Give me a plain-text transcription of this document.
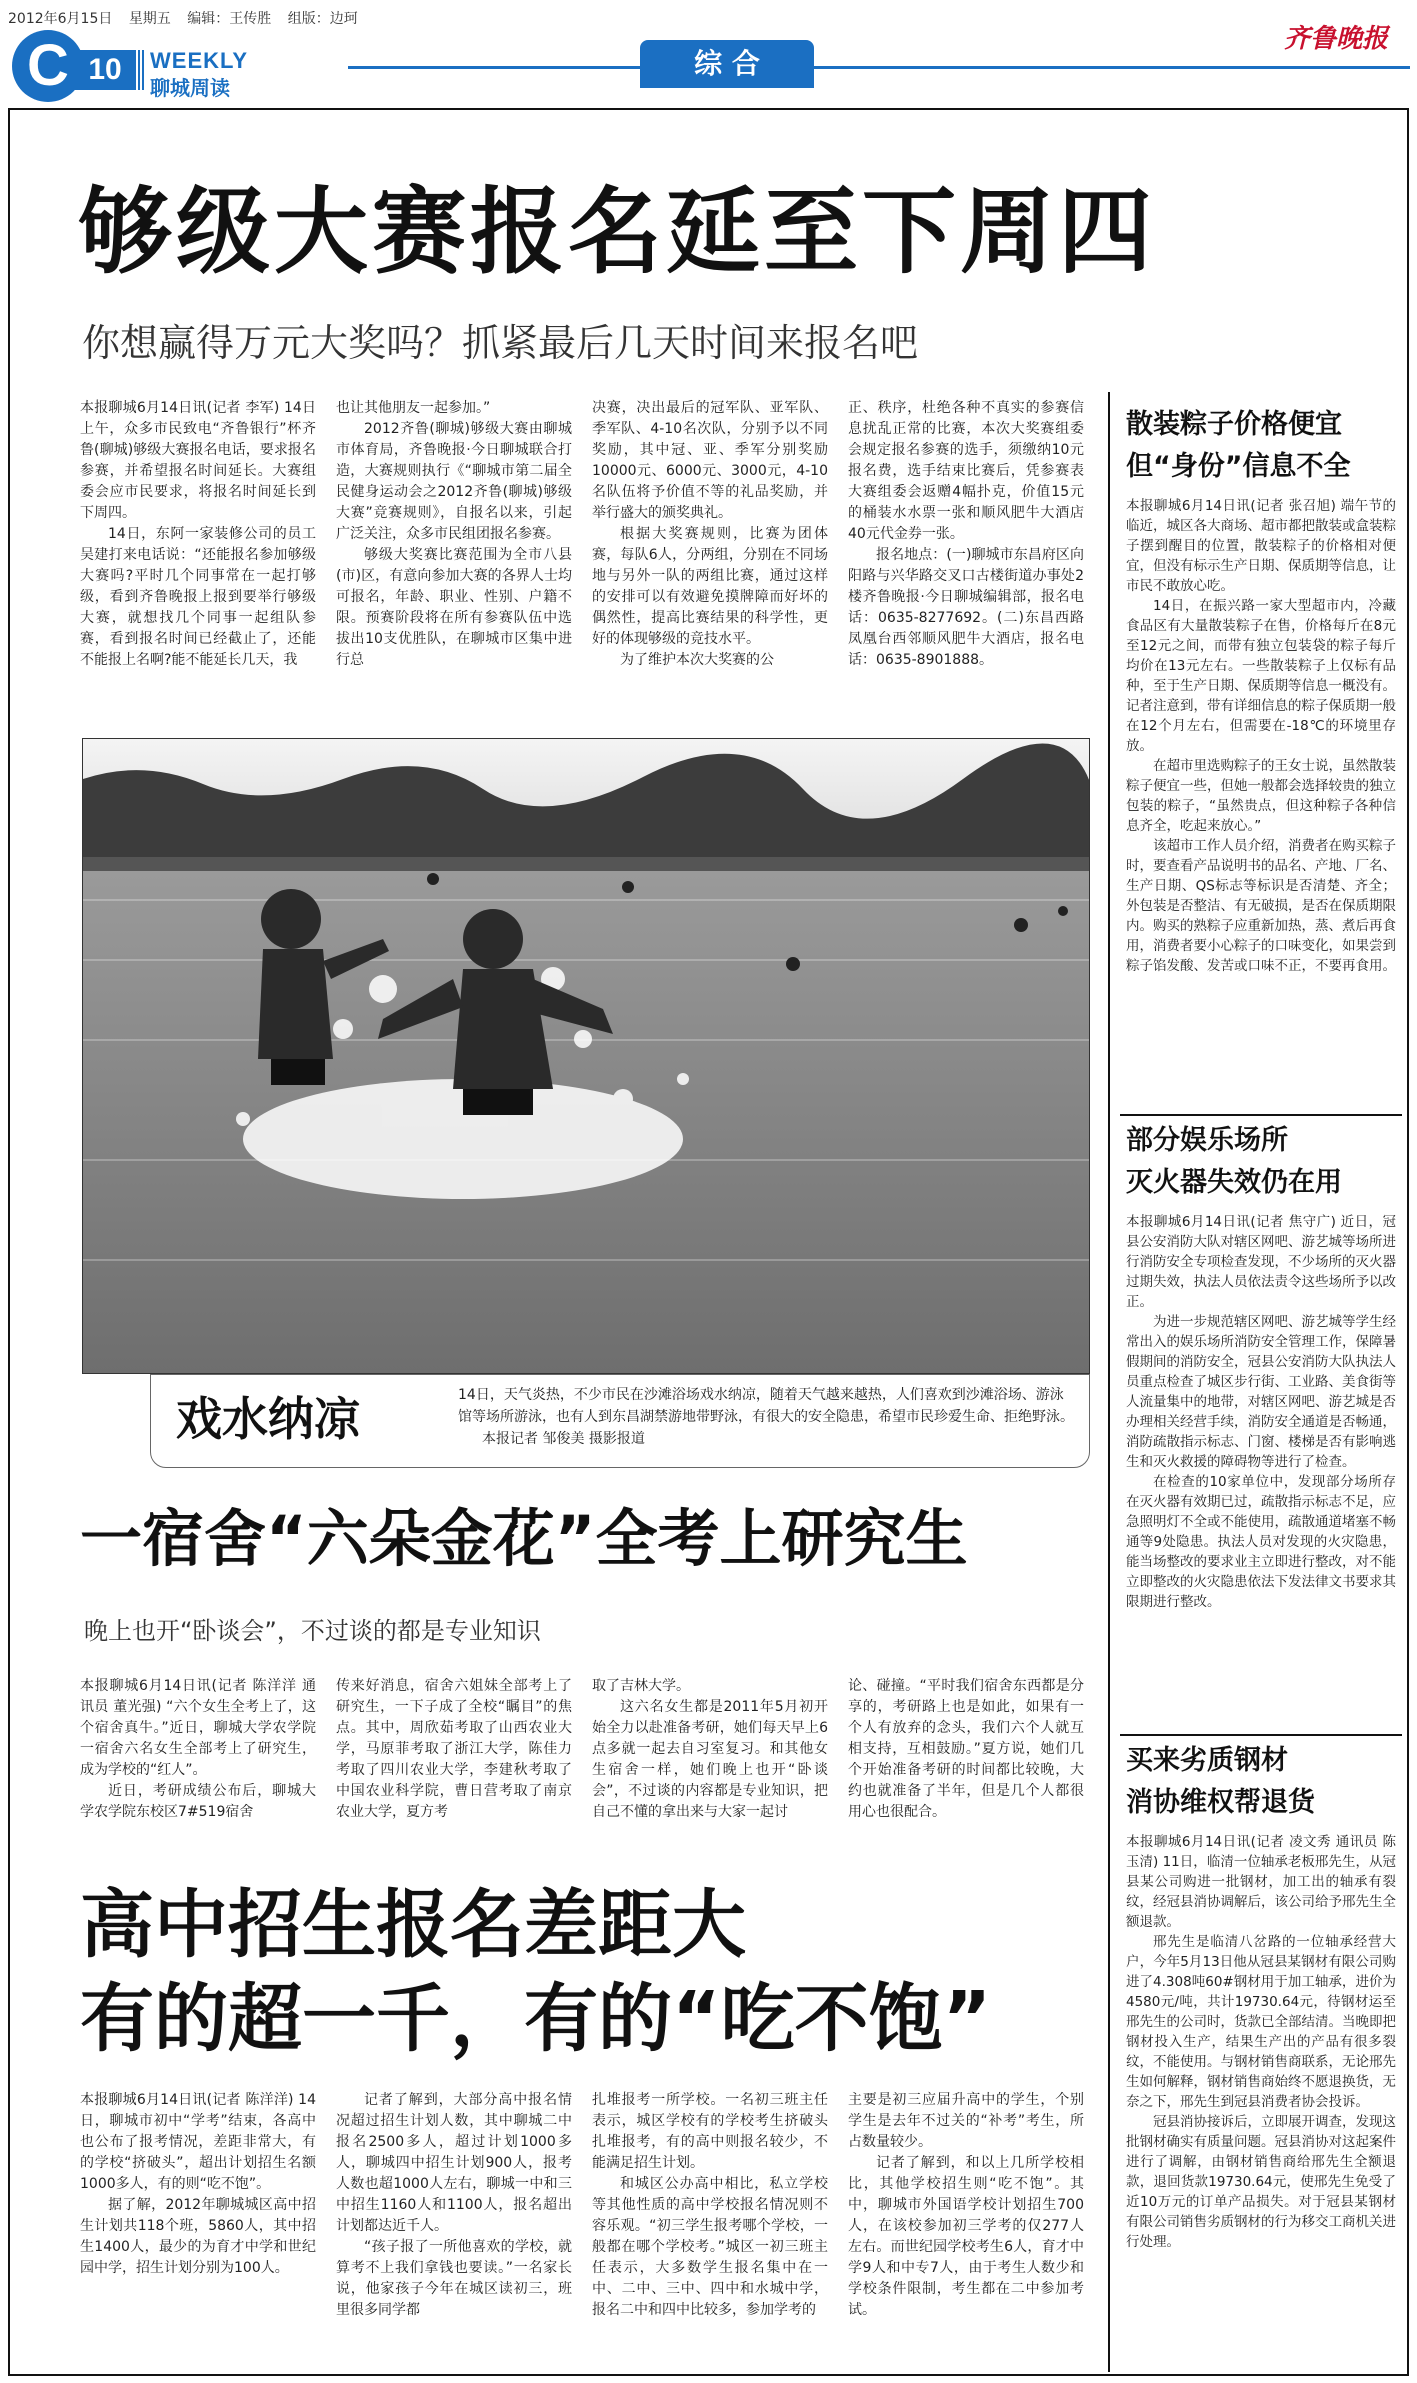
2012年6月15日 星期五 编辑：王传胜 组版：边珂
C 10	WEEKLY
聊城周读
综 合
齐鲁晚报
够级大赛报名延至下周四
你想赢得万元大奖吗？抓紧最后几天时间来报名吧

本报聊城6月14日讯(记者 李军) 14日上午，众多市民致电“齐鲁银行”杯齐鲁(聊城)够级大赛报名电话，要求报名参赛，并希望报名时间延长。大赛组委会应市民要求，将报名时间延长到下周四。

14日，东阿一家装修公司的员工吴建打来电话说：“还能报名参加够级大赛吗?平时几个同事常在一起打够级，看到齐鲁晚报上报到要举行够级大赛，就想找几个同事一起组队参赛，看到报名时间已经截止了，还能不能报上名啊?能不能延长几天，我

也让其他朋友一起参加。”

2012齐鲁(聊城)够级大赛由聊城市体育局，齐鲁晚报·今日聊城联合打造，大赛规则执行《“聊城市第二届全民健身运动会之2012齐鲁(聊城)够级大赛”竞赛规则》，自报名以来，引起广泛关注，众多市民组团报名参赛。

够级大奖赛比赛范围为全市八县(市)区，有意向参加大赛的各界人士均可报名，年龄、职业、性别、户籍不限。预赛阶段将在所有参赛队伍中选拔出10支优胜队，在聊城市区集中进行总

决赛，决出最后的冠军队、亚军队、季军队、4-10名次队，分别予以不同奖励，其中冠、亚、季军分别奖励10000元、6000元、3000元，4-10名队伍将予价值不等的礼品奖励，并举行盛大的颁奖典礼。

根据大奖赛规则，比赛为团体赛，每队6人，分两组，分别在不同场地与另外一队的两组比赛，通过这样的安排可以有效避免摸牌障而好坏的偶然性，提高比赛结果的科学性，更好的体现够级的竞技水平。

为了维护本次大奖赛的公

正、秩序，杜绝各种不真实的参赛信息扰乱正常的比赛，本次大奖赛组委会规定报名参赛的选手，须缴纳10元报名费，选手结束比赛后，凭参赛表大赛组委会返赠4幅扑克，价值15元的桶装水水票一张和顺风肥牛大酒店40元代金券一张。

报名地点：(一)聊城市东昌府区向阳路与兴华路交叉口古楼街道办事处2楼齐鲁晚报·今日聊城编辑部，报名电话：0635-8277692。(二)东昌西路凤凰台西邻顺风肥牛大酒店，报名电话：0635-8901888。

戏水纳凉	14日，天气炎热，不少市民在沙滩浴场戏水纳凉，随着天气越来越热，人们喜欢到沙滩浴场、游泳馆等场所游泳，也有人到东昌湖禁游地带野泳，有很大的安全隐患，希望市民珍爱生命、拒绝野泳。 本报记者 邹俊美 摄影报道
一宿舍“六朵金花”全考上研究生
晚上也开“卧谈会”，不过谈的都是专业知识

本报聊城6月14日讯(记者 陈洋洋 通讯员 董光强) “六个女生全考上了，这个宿舍真牛。”近日，聊城大学农学院一宿舍六名女生全部考上了研究生，成为学校的“红人”。

近日，考研成绩公布后，聊城大学农学院东校区7#519宿舍

传来好消息，宿舍六姐妹全部考上了研究生，一下子成了全校“瞩目”的焦点。其中，周欣茹考取了山西农业大学，马原菲考取了浙江大学，陈佳力考取了四川农业大学，李建秋考取了中国农业科学院，曹日营考取了南京农业大学，夏方考

取了吉林大学。

这六名女生都是2011年5月初开始全力以赴准备考研，她们每天早上6点多就一起去自习室复习。和其他女生宿舍一样，她们晚上也开“卧谈会”，不过谈的内容都是专业知识，把自己不懂的拿出来与大家一起讨

论、碰撞。“平时我们宿舍东西都是分享的，考研路上也是如此，如果有一个人有放弃的念头，我们六个人就互相支持，互相鼓励。”夏方说，她们几个开始准备考研的时间都比较晚，大约也就准备了半年，但是几个人都很用心也很配合。

高中招生报名差距大
有的超一千，有的“吃不饱”

本报聊城6月14日讯(记者 陈洋洋) 14日，聊城市初中“学考”结束，各高中也公布了报考情况，差距非常大，有的学校“挤破头”，超出计划招生名额1000多人，有的则“吃不饱”。

据了解，2012年聊城城区高中招生计划共118个班，5860人，其中招生1400人，最少的为育才中学和世纪园中学，招生计划分别为100人。

记者了解到，大部分高中报名情况超过招生计划人数，其中聊城二中报名2500多人，超过计划1000多人，聊城四中招生计划900人，报考人数也超1000人左右，聊城一中和三中招生1160人和1100人，报名超出计划都达近千人。

“孩子报了一所他喜欢的学校，就算考不上我们拿钱也要读。”一名家长说，他家孩子今年在城区读初三，班里很多同学都

扎堆报考一所学校。一名初三班主任表示，城区学校有的学校考生挤破头扎堆报考，有的高中则报名较少，不能满足招生计划。

和城区公办高中相比，私立学校等其他性质的高中学校报名情况则不容乐观。“初三学生报考哪个学校，一般都在哪个学校考。”城区一初三班主任表示，大多数学生报名集中在一中、二中、三中、四中和水城中学，报名二中和四中比较多，参加学考的

主要是初三应届升高中的学生，个别学生是去年不过关的“补考”考生，所占数量较少。

记者了解到，和以上几所学校相比，其他学校招生则“吃不饱”。其中，聊城市外国语学校计划招生700人，在该校参加初三学考的仅277人左右。而世纪园学校考生6人，育才中学9人和中专7人，由于考生人数少和学校条件限制，考生都在二中参加考试。

散装粽子价格便宜
但“身份”信息不全

本报聊城6月14日讯(记者 张召旭) 端午节的临近，城区各大商场、超市都把散装或盒装粽子摆到醒目的位置，散装粽子的价格相对便宜，但没有标示生产日期、保质期等信息，让市民不敢放心吃。

14日，在振兴路一家大型超市内，冷藏食品区有大量散装粽子在售，价格每斤在8元至12元之间，而带有独立包装袋的粽子每斤均价在13元左右。一些散装粽子上仅标有品种，至于生产日期、保质期等信息一概没有。记者注意到，带有详细信息的粽子保质期一般在12个月左右，但需要在-18℃的环境里存放。

在超市里选购粽子的王女士说，虽然散装粽子便宜一些，但她一般都会选择较贵的独立包装的粽子，“虽然贵点，但这种粽子各种信息齐全，吃起来放心。”

该超市工作人员介绍，消费者在购买粽子时，要查看产品说明书的品名、产地、厂名、生产日期、QS标志等标识是否清楚、齐全；外包装是否整洁、有无破损，是否在保质期限内。购买的熟粽子应重新加热，蒸、煮后再食用，消费者要小心粽子的口味变化，如果尝到粽子馅发酸、发苦或口味不正，不要再食用。

部分娱乐场所
灭火器失效仍在用

本报聊城6月14日讯(记者 焦守广) 近日，冠县公安消防大队对辖区网吧、游艺城等场所进行消防安全专项检查发现，不少场所的灭火器过期失效，执法人员依法责令这些场所予以改正。

为进一步规范辖区网吧、游艺城等学生经常出入的娱乐场所消防安全管理工作，保障暑假期间的消防安全，冠县公安消防大队执法人员重点检查了城区步行街、工业路、美食街等人流量集中的地带，对辖区网吧、游艺城是否办理相关经营手续，消防安全通道是否畅通，消防疏散指示标志、门窗、楼梯是否有影响逃生和灭火救援的障碍物等进行了检查。

在检查的10家单位中，发现部分场所存在灭火器有效期已过，疏散指示标志不足，应急照明灯不全或不能使用，疏散通道堵塞不畅通等9处隐患。执法人员对发现的火灾隐患，能当场整改的要求业主立即进行整改，对不能立即整改的火灾隐患依法下发法律文书要求其限期进行整改。

买来劣质钢材
消协维权帮退货

本报聊城6月14日讯(记者 凌文秀 通讯员 陈玉清) 11日，临清一位轴承老板邢先生，从冠县某公司购进一批钢材，加工出的轴承有裂纹，经冠县消协调解后，该公司给予邢先生全额退款。

邢先生是临清八岔路的一位轴承经营大户，今年5月13日他从冠县某钢材有限公司购进了4.308吨60#钢材用于加工轴承，进价为4580元/吨，共计19730.64元，待钢材运至邢先生的公司时，货款已全部结清。当晚即把钢材投入生产，结果生产出的产品有很多裂纹，不能使用。与钢材销售商联系，无论邢先生如何解释，钢材销售商始终不愿退换货，无奈之下，邢先生到冠县消费者协会投诉。

冠县消协接诉后，立即展开调查，发现这批钢材确实有质量问题。冠县消协对这起案件进行了调解，由钢材销售商给邢先生全额退款，退回货款19730.64元，使邢先生免受了近10万元的订单产品损失。对于冠县某钢材有限公司销售劣质钢材的行为移交工商机关进行处理。
